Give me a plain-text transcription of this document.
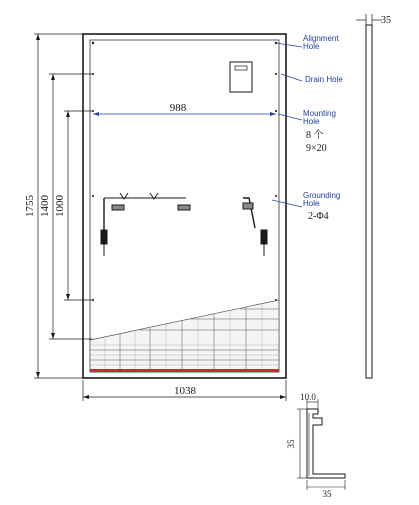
988
1038
1755 1400 1000
35
Alignment Hole
Drain Hole
Mounting Hole
8 个
9×20
Grounding Hole
2-Φ4
10.0
35
35
